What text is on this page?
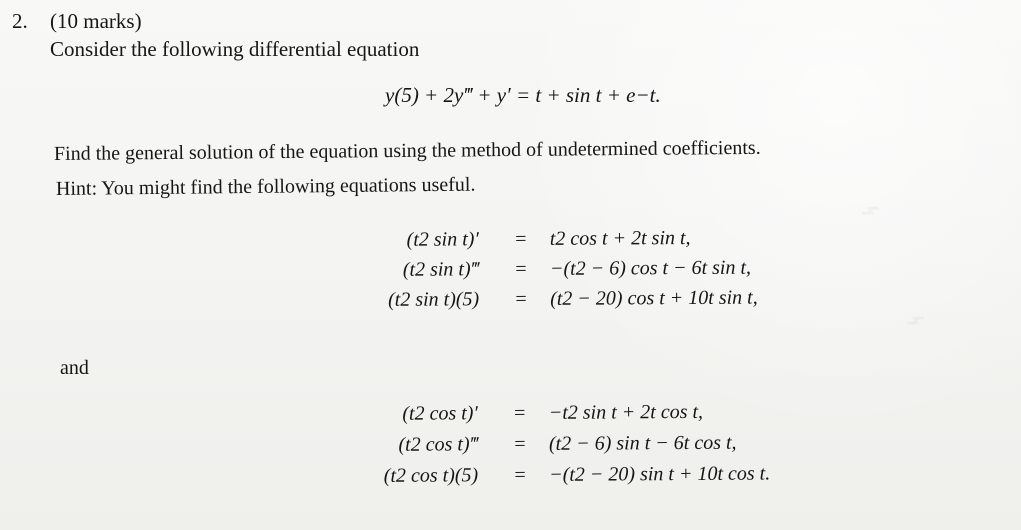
⌁
⌁
2. (10 marks)
Consider the following differential equation
y(5) + 2y‴ + y′ = t + sin t + e−t.
Find the general solution of the equation using the method of undetermined coefficients.
Hint: You might find the following equations useful.
(t2 sin t)′ = t2 cos t + 2t sin t,
(t2 sin t)‴ = −(t2 − 6) cos t − 6t sin t,
(t2 sin t)(5) = (t2 − 20) cos t + 10t sin t,
and
(t2 cos t)′ = −t2 sin t + 2t cos t,
(t2 cos t)‴ = (t2 − 6) sin t − 6t cos t,
(t2 cos t)(5) = −(t2 − 20) sin t + 10t cos t.
